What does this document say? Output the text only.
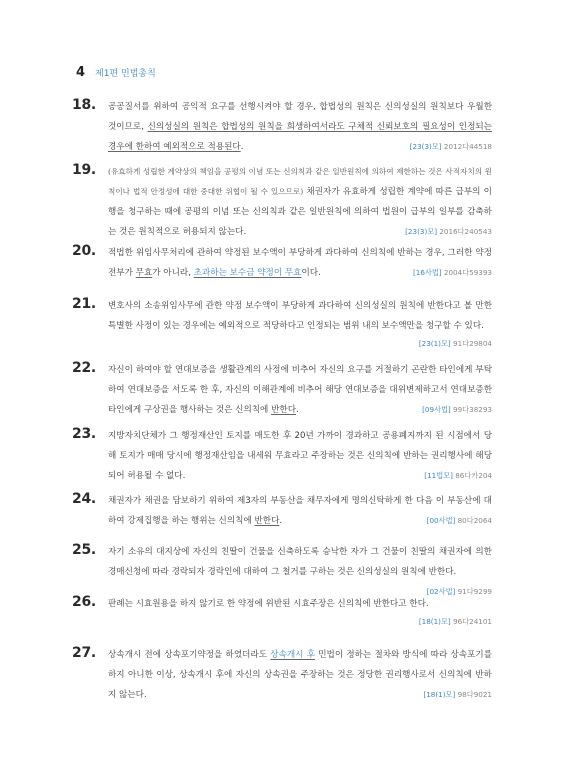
4 제1편 민법총칙
18. 공공질서를 위하여 공익적 요구를 선행시켜야 할 경우, 합법성의 원칙은 신의성실의 원칙보다 우월한 것이므로, 신의성실의 원칙은 합법성의 원칙을 희생하여서라도 구체적 신뢰보호의 필요성이 인정되는 경우에 한하여 예외적으로 적용된다.	[23(3)모] 2012다44518
19. (유효하게 성립한 계약상의 책임을 공평의 이념 또는 신의칙과 같은 일반원칙에 의하여 제한하는 것은 사적자치의 원칙이나 법적 안정성에 대한 중대한 위협이 될 수 있으므로) 채권자가 유효하게 성립한 계약에 따른 급부의 이행을 청구하는 때에 공평의 이념 또는 신의칙과 같은 일반원칙에 의하여 법원이 급부의 일부를 감축하는 것은 원칙적으로 허용되지 않는다.	[23(3)모] 2016다240543
20. 적법한 위임사무처리에 관하여 약정된 보수액이 부당하게 과다하여 신의칙에 반하는 경우, 그러한 약정 전부가 무효가 아니라, 초과하는 보수금 약정이 무효이다.	[16사법] 2004다59393
21. 변호사의 소송위임사무에 관한 약정 보수액이 부당하게 과다하여 신의성실의 원칙에 반한다고 볼 만한 특별한 사정이 있는 경우에는 예외적으로 적당하다고 인정되는 범위 내의 보수액만을 청구할 수 있다.
[23(1)모] 91다29804
22. 자신이 하여야 할 연대보증을 생활관계의 사정에 비추어 자신의 요구를 거절하기 곤란한 타인에게 부탁하여 연대보증을 서도록 한 후, 자신의 이해관계에 비추어 해당 연대보증을 대위변제하고서 연대보증한 타인에게 구상권을 행사하는 것은 신의칙에 반한다.	[09사법] 99다38293
23. 지방자치단체가 그 행정재산인 토지를 매도한 후 20년 가까이 경과하고 공용폐지까지 된 시점에서 당해 토지가 매매 당시에 행정재산임을 내세워 무효라고 주장하는 것은 신의칙에 반하는 권리행사에 해당되어 허용될 수 없다.	[11법모] 86다카204
24. 채권자가 채권을 담보하기 위하여 제3자의 부동산을 채무자에게 명의신탁하게 한 다음 이 부동산에 대하여 강제집행을 하는 행위는 신의칙에 반한다.	[00사법] 80다2064
25. 자기 소유의 대지상에 자신의 친딸이 건물을 신축하도록 승낙한 자가 그 건물이 친딸의 채권자에 의한 경매신청에 따라 경락되자 경락인에 대하여 그 철거를 구하는 것은 신의성실의 원칙에 반한다.
[02사법] 91다9299
26. 판례는 시효원용을 하지 않기로 한 약정에 위반된 시효주장은 신의칙에 반한다고 한다.
[18(1)모] 96다24101
27. 상속개시 전에 상속포기약정을 하였더라도 상속개시 후 민법이 정하는 절차와 방식에 따라 상속포기를 하지 아니한 이상, 상속개시 후에 자신의 상속권을 주장하는 것은 정당한 권리행사로서 신의칙에 반하지 않는다.	[18(1)모] 98다9021
